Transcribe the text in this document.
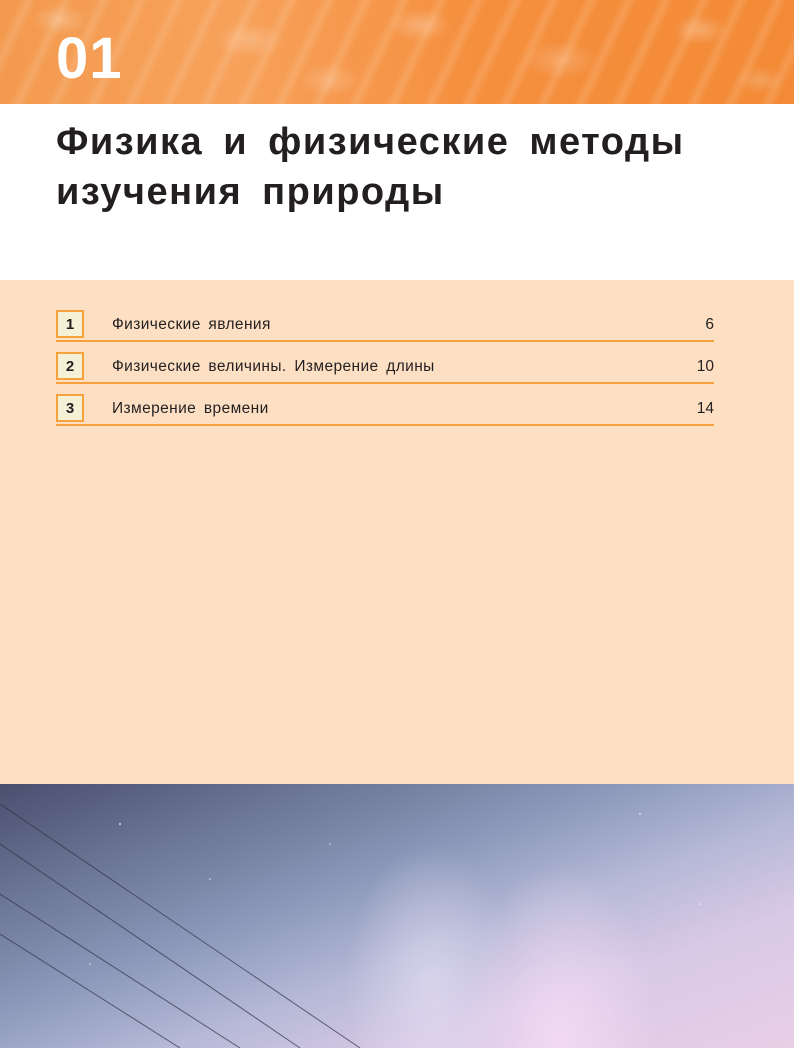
01
Физика и физические методы изучения природы
1	Физические явления	6
2	Физические величины. Измерение длины	10
3	Измерение времени	14
